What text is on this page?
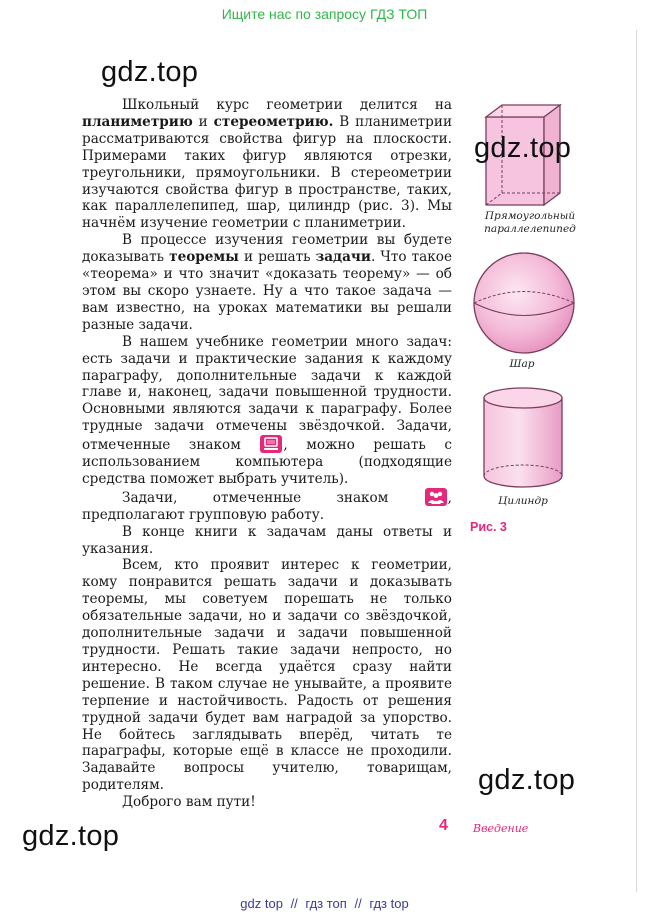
Ищите нас по запросу ГДЗ ТОП
gdz.top

Школьный курс геометрии делится на планиметрию и стереометрию. В планиметрии рассматриваются свойства фигур на плоскости. Примерами таких фигур являются отрезки, треугольники, прямоугольники. В стереометрии изучаются свойства фигур в пространстве, таких, как параллелепипед, шар, цилиндр (рис. 3). Мы начнём изучение геометрии с планиметрии.

В процессе изучения геометрии вы будете доказывать теоремы и решать задачи. Что такое «теорема» и что значит «доказать теорему» — об этом вы скоро узнаете. Ну а что такое задача — вам известно, на уроках математики вы решали разные задачи.

В нашем учебнике геометрии много задач: есть задачи и практические задания к каждому параграфу, дополнительные задачи к каждой главе и, наконец, задачи повышенной трудности. Основными являются задачи к параграфу. Более трудные задачи отмечены звёздочкой. Задачи, отмеченные знаком
, можно решать с использованием компьютера (подходящие средства поможет выбрать учитель).

Задачи, отмеченные знаком
, предполагают групповую работу.

В конце книги к задачам даны ответы и указания.

Всем, кто проявит интерес к геометрии, кому понравится решать задачи и доказывать теоремы, мы советуем порешать не только обязательные задачи, но и задачи со звёздочкой, дополнительные задачи и задачи повышенной трудности. Решать такие задачи непросто, но интересно. Не всегда удаётся сразу найти решение. В таком случае не унывайте, а проявите терпение и настойчивость. Радость от решения трудной задачи будет вам наградой за упорство. Не бойтесь заглядывать вперёд, читать те параграфы, которые ещё в классе не проходили. Задавайте вопросы учителю, товарищам, родителям.

Доброго вам пути!

gdz.top
Прямоугольный параллелепипед
Шар
Цилиндр
Рис. 3
gdz.top
gdz.top	4 Введение
gdz top // гдз топ // гдз top
